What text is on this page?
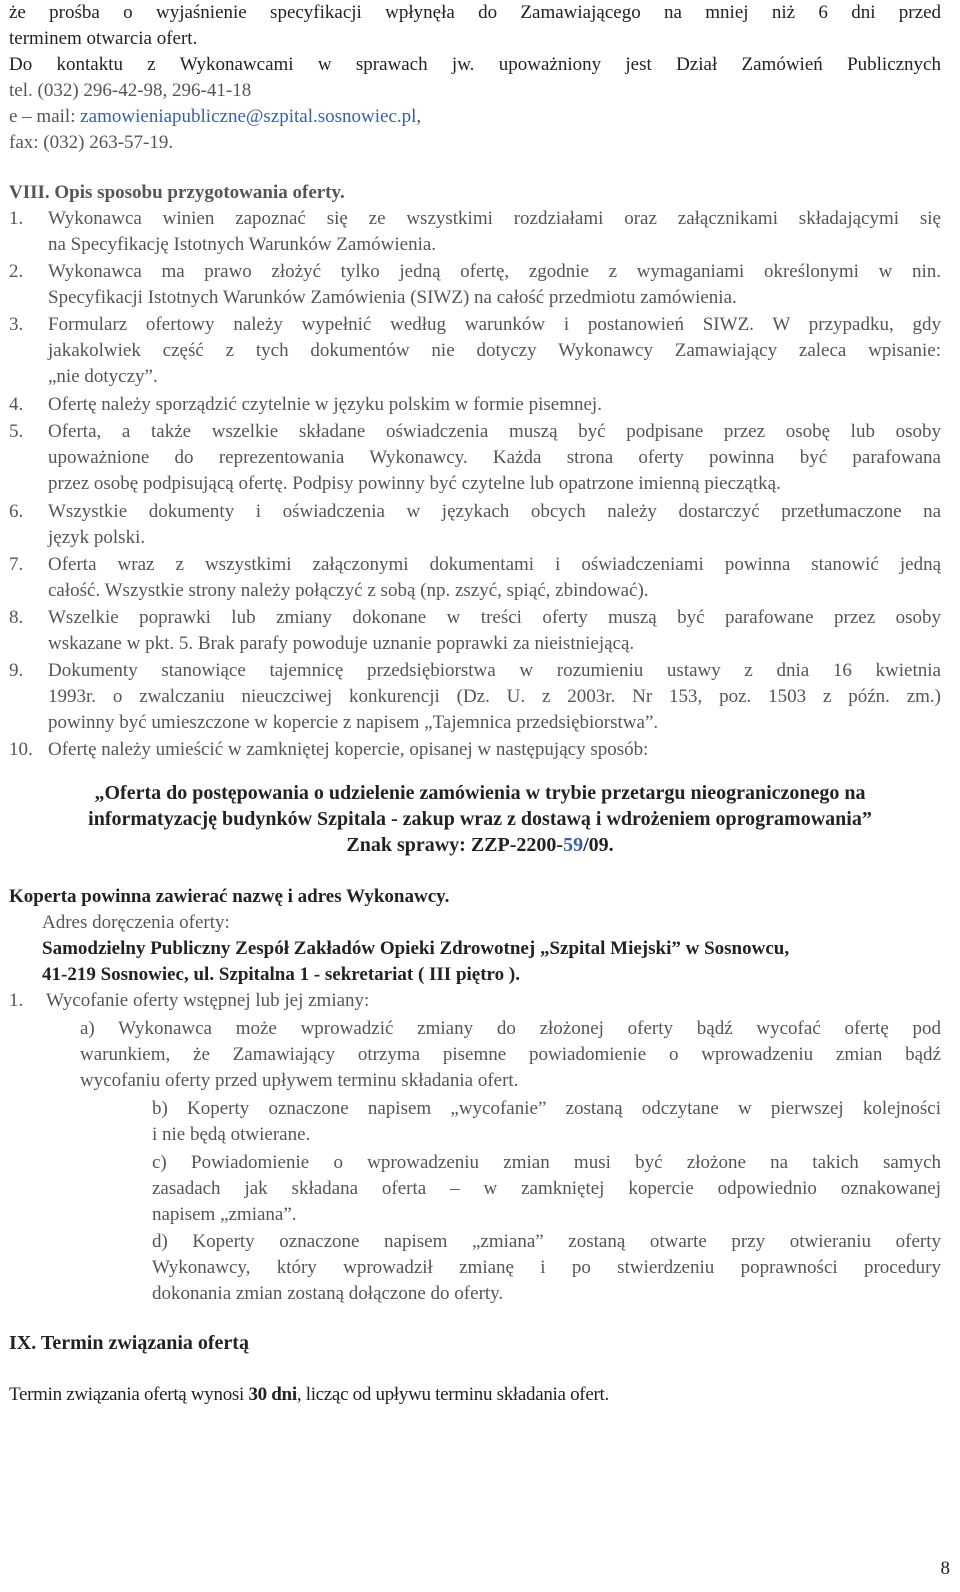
że prośba o wyjaśnienie specyfikacji wpłynęła do Zamawiającego na mniej niż 6 dni przed
terminem otwarcia ofert.
Do kontaktu z Wykonawcami w sprawach jw. upoważniony jest Dział Zamówień Publicznych
tel. (032) 296-42-98, 296-41-18
e – mail: zamowieniapubliczne@szpital.sosnowiec.pl,
fax: (032) 263-57-19.
VIII. Opis sposobu przygotowania oferty.
1. Wykonawca winien zapoznać się ze wszystkimi rozdziałami oraz załącznikami składającymi się
na Specyfikację Istotnych Warunków Zamówienia.
2. Wykonawca ma prawo złożyć tylko jedną ofertę, zgodnie z wymaganiami określonymi w nin.
Specyfikacji Istotnych Warunków Zamówienia (SIWZ) na całość przedmiotu zamówienia.
3. Formularz ofertowy należy wypełnić według warunków i postanowień SIWZ. W przypadku, gdy
jakakolwiek część z tych dokumentów nie dotyczy Wykonawcy Zamawiający zaleca wpisanie:
„nie dotyczy”.
4. Ofertę należy sporządzić czytelnie w języku polskim w formie pisemnej.
5. Oferta, a także wszelkie składane oświadczenia muszą być podpisane przez osobę lub osoby
upoważnione do reprezentowania Wykonawcy. Każda strona oferty powinna być parafowana
przez osobę podpisującą ofertę. Podpisy powinny być czytelne lub opatrzone imienną pieczątką.
6. Wszystkie dokumenty i oświadczenia w językach obcych należy dostarczyć przetłumaczone na
język polski.
7. Oferta wraz z wszystkimi załączonymi dokumentami i oświadczeniami powinna stanowić jedną
całość. Wszystkie strony należy połączyć z sobą (np. zszyć, spiąć, zbindować).
8. Wszelkie poprawki lub zmiany dokonane w treści oferty muszą być parafowane przez osoby
wskazane w pkt. 5. Brak parafy powoduje uznanie poprawki za nieistniejącą.
9. Dokumenty stanowiące tajemnicę przedsiębiorstwa w rozumieniu ustawy z dnia 16 kwietnia
1993r. o zwalczaniu nieuczciwej konkurencji (Dz. U. z 2003r. Nr 153, poz. 1503 z późn. zm.)
powinny być umieszczone w kopercie z napisem „Tajemnica przedsiębiorstwa”.
10. Ofertę należy umieścić w zamkniętej kopercie, opisanej w następujący sposób:
„Oferta do postępowania o udzielenie zamówienia w trybie przetargu nieograniczonego na
informatyzację budynków Szpitala - zakup wraz z dostawą i wdrożeniem oprogramowania”
Znak sprawy: ZZP-2200-59/09.
Koperta powinna zawierać nazwę i adres Wykonawcy.
Adres doręczenia oferty:
Samodzielny Publiczny Zespół Zakładów Opieki Zdrowotnej „Szpital Miejski” w Sosnowcu,
41-219 Sosnowiec, ul. Szpitalna 1 - sekretariat ( III piętro ).
1. Wycofanie oferty wstępnej lub jej zmiany:
a) Wykonawca może wprowadzić zmiany do złożonej oferty bądź wycofać ofertę pod
warunkiem, że Zamawiający otrzyma pisemne powiadomienie o wprowadzeniu zmian bądź
wycofaniu oferty przed upływem terminu składania ofert.
b) Koperty oznaczone napisem „wycofanie” zostaną odczytane w pierwszej kolejności
i nie będą otwierane.
c) Powiadomienie o wprowadzeniu zmian musi być złożone na takich samych
zasadach jak składana oferta – w zamkniętej kopercie odpowiednio oznakowanej
napisem „zmiana”.
d) Koperty oznaczone napisem „zmiana” zostaną otwarte przy otwieraniu oferty
Wykonawcy, który wprowadził zmianę i po stwierdzeniu poprawności procedury
dokonania zmian zostaną dołączone do oferty.
IX. Termin związania ofertą
Termin związania ofertą wynosi 30 dni, licząc od upływu terminu składania ofert.
8
